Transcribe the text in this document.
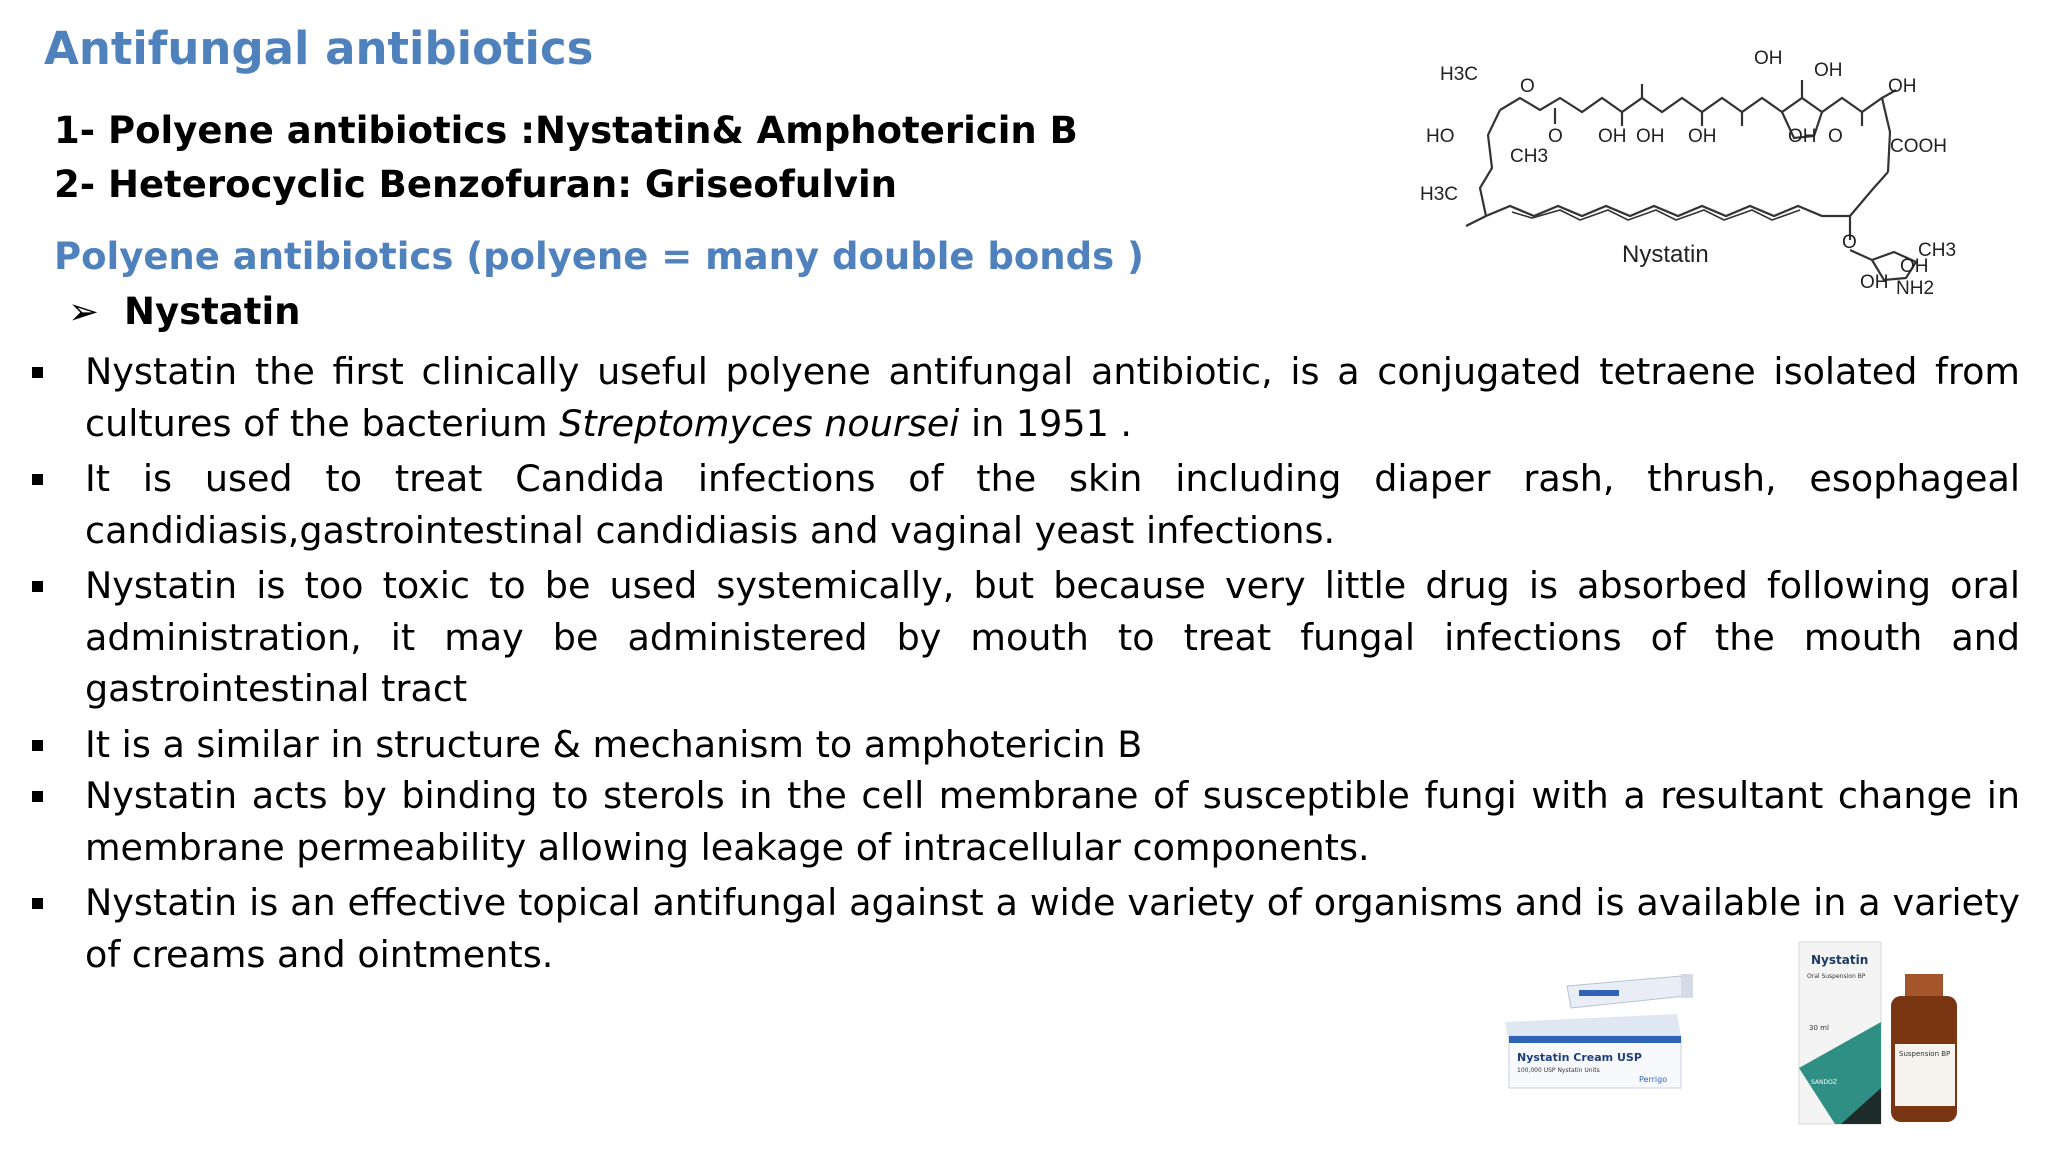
Antifungal antibiotics
1- Polyene antibiotics :Nystatin& Amphotericin B
2- Heterocyclic Benzofuran: Griseofulvin
Polyene antibiotics (polyene = many double bonds )
➢ Nystatin
Nystatin the first clinically useful polyene antifungal antibiotic, is a conjugated tetraene isolated from cultures of the bacterium Streptomyces noursei in 1951 .
It is used to treat Candida infections of the skin including diaper rash, thrush, esophageal candidiasis,gastrointestinal candidiasis and vaginal yeast infections.
Nystatin is too toxic to be used systemically, but because very little drug is absorbed following oral administration, it may be administered by mouth to treat fungal infections of the mouth and gastrointestinal tract
It is a similar in structure & mechanism to amphotericin B
Nystatin acts by binding to sterols in the cell membrane of susceptible fungi with a resultant change in membrane permeability allowing leakage of intracellular components.
Nystatin is an effective topical antifungal against a wide variety of organisms and is available in a variety of creams and ointments.
OH
OH
OH
COOH
H3C
O
HO	O
CH3
OH OH OH	OH O
H3C
O	CH3
OH
OH NH2
Nystatin
Nystatin Cream USP
100,000 USP Nystatin Units
Perrigo
Nystatin
Oral Suspension BP
30 ml
SANDOZ
Suspension BP
